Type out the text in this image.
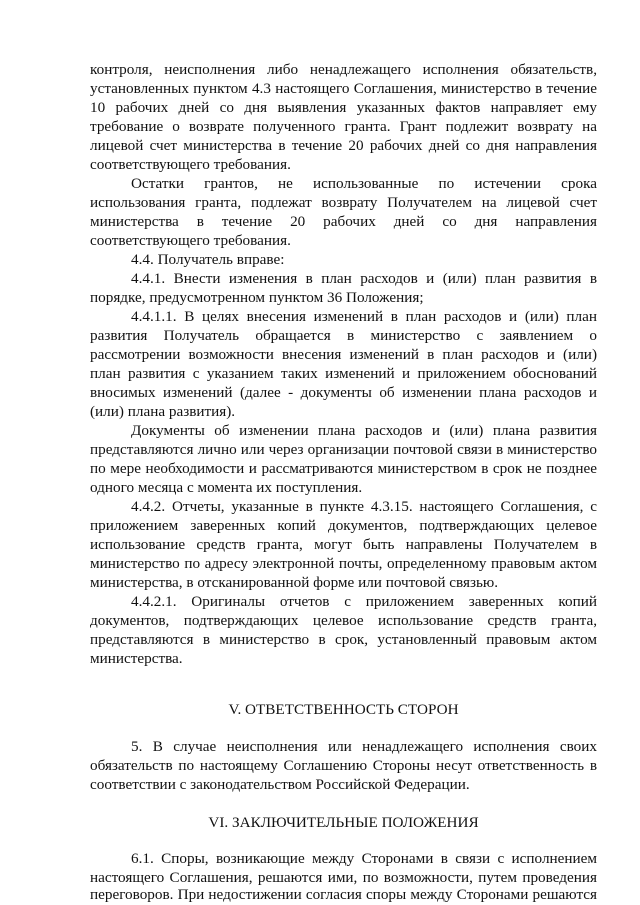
контроля, неисполнения либо ненадлежащего исполнения обязательств,
установленных пунктом 4.3 настоящего Соглашения, министерство в течение
10 рабочих дней со дня выявления указанных фактов направляет ему
требование о возврате полученного гранта. Грант подлежит возврату на
лицевой счет министерства в течение 20 рабочих дней со дня направления
соответствующего требования.
Остатки грантов, не использованные по истечении срока
использования гранта, подлежат возврату Получателем на лицевой счет
министерства в течение 20 рабочих дней со дня направления
соответствующего требования.
4.4. Получатель вправе:
4.4.1. Внести изменения в план расходов и (или) план развития в
порядке, предусмотренном пунктом 36 Положения;
4.4.1.1. В целях внесения изменений в план расходов и (или) план
развития Получатель обращается в министерство с заявлением о
рассмотрении возможности внесения изменений в план расходов и (или)
план развития с указанием таких изменений и приложением обоснований
вносимых изменений (далее - документы об изменении плана расходов и
(или) плана развития).
Документы об изменении плана расходов и (или) плана развития
представляются лично или через организации почтовой связи в министерство
по мере необходимости и рассматриваются министерством в срок не позднее
одного месяца с момента их поступления.
4.4.2. Отчеты, указанные в пункте 4.3.15. настоящего Соглашения, с
приложением заверенных копий документов, подтверждающих целевое
использование средств гранта, могут быть направлены Получателем в
министерство по адресу электронной почты, определенному правовым актом
министерства, в отсканированной форме или почтовой связью.
4.4.2.1. Оригиналы отчетов с приложением заверенных копий
документов, подтверждающих целевое использование средств гранта,
представляются в министерство в срок, установленный правовым актом
министерства.
V. ОТВЕТСТВЕННОСТЬ СТОРОН
5. В случае неисполнения или ненадлежащего исполнения своих
обязательств по настоящему Соглашению Стороны несут ответственность в
соответствии с законодательством Российской Федерации.
VI. ЗАКЛЮЧИТЕЛЬНЫЕ ПОЛОЖЕНИЯ
6.1. Споры, возникающие между Сторонами в связи с исполнением
настоящего Соглашения, решаются ими, по возможности, путем проведения
переговоров. При недостижении согласия споры между Сторонами решаются
